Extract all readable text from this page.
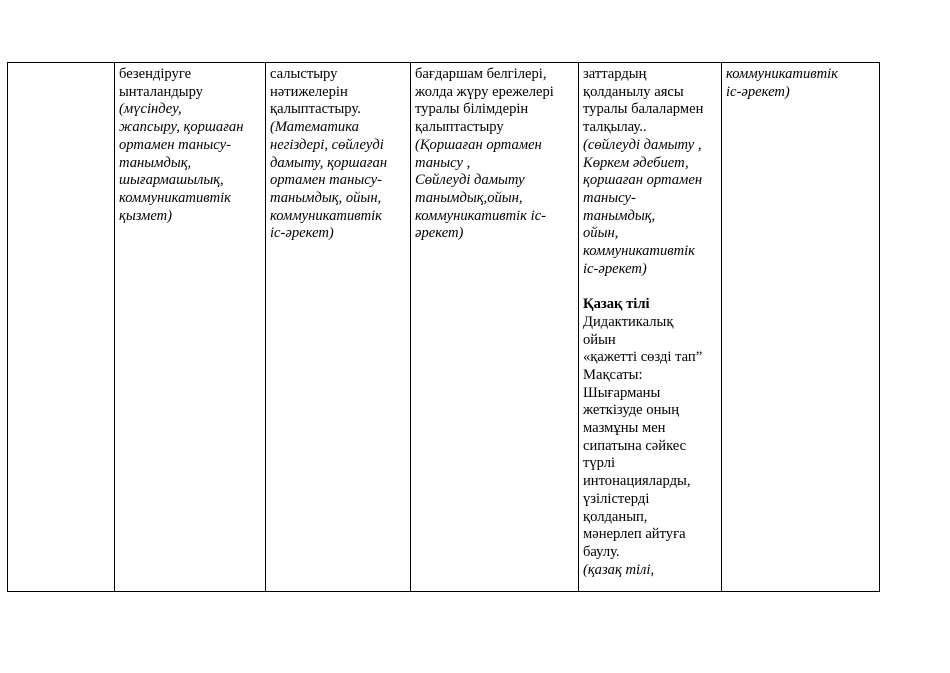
безендіруге
ынталандыру
(мүсіндеу,
жапсыру, қоршаған
ортамен танысу-
танымдық,
шығармашылық,
коммуникативтік
қызмет)
салыстыру
нәтижелерін
қалыптастыру.
(Математика
негіздері, сөйлеуді
дамыту, қоршаған
ортамен танысу-
танымдық, ойын,
коммуникативтік
іс-әрекет)
бағдаршам белгілері,
жолда жүру ережелері
туралы білімдерін
қалыптастыру
(Қоршаған ортамен
танысу ,
Сөйлеуді дамыту
танымдық,ойын,
коммуникативтік іс-
әрекет)
заттардың
қолданылу аясы
туралы балалармен
талқылау..
(сөйлеуді дамыту ,
Көркем әдебиет,
қоршаған ортамен
танысу-
танымдық,
ойын,
коммуникативтік
іс-әрекет)

Қазақ тілі
Дидактикалық
ойын
«қажетті сөзді тап”
Мақсаты:
Шығарманы
жеткізуде оның
мазмұны мен
сипатына сәйкес
түрлі
интонацияларды,
үзілістерді
қолданып,
мәнерлеп айтуға
баулу.
(қазақ тілі,
коммуникативтік
іс-әрекет)
